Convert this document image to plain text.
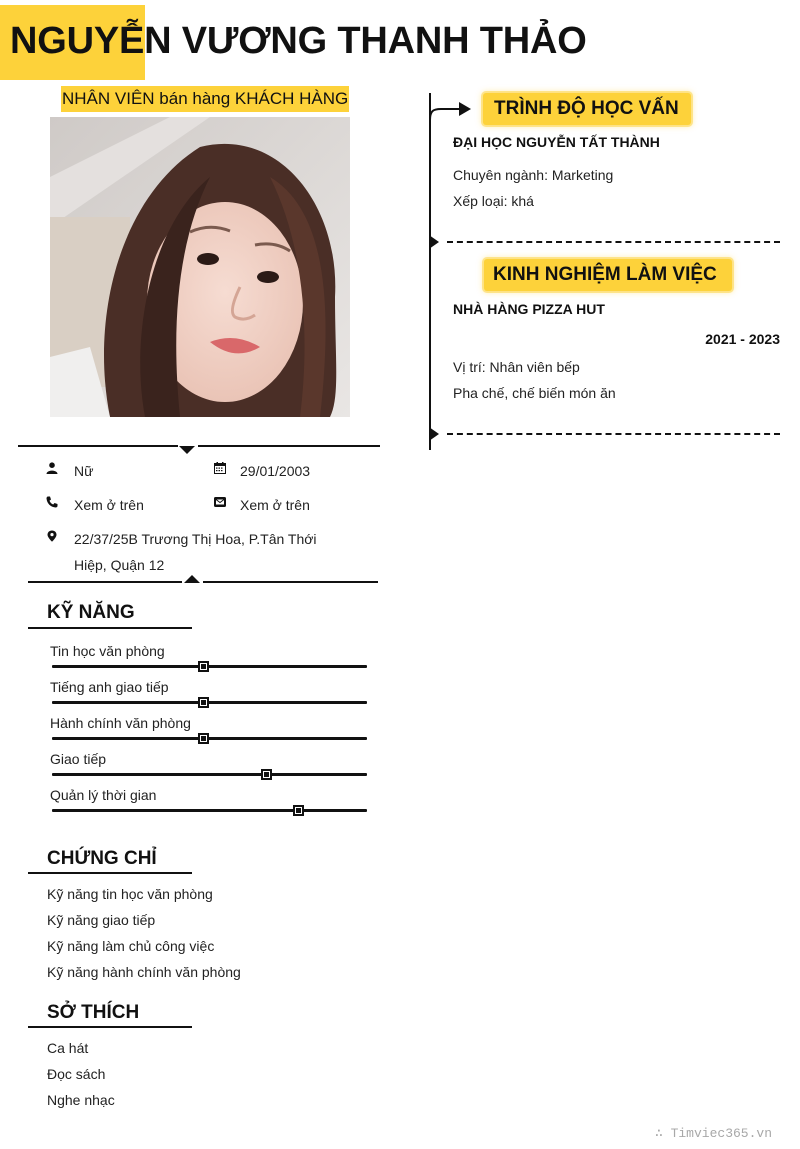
NGUYỄN VƯƠNG THANH THẢO
NHÂN VIÊN bán hàng KHÁCH HÀNG
Nữ	29/01/2003
Xem ở trên	Xem ở trên
22/37/25B Trương Thị Hoa, P.Tân Thới
Hiệp, Quận 12
KỸ NĂNG
Tin học văn phòng
Tiếng anh giao tiếp
Hành chính văn phòng
Giao tiếp
Quản lý thời gian
CHỨNG CHỈ
Kỹ năng tin học văn phòng
Kỹ năng giao tiếp
Kỹ năng làm chủ công việc
Kỹ năng hành chính văn phòng
SỞ THÍCH
Ca hát
Đọc sách
Nghe nhạc
TRÌNH ĐỘ HỌC VẤN
ĐẠI HỌC NGUYỄN TẤT THÀNH
Chuyên ngành: Marketing
Xếp loại: khá
KINH NGHIỆM LÀM VIỆC
NHÀ HÀNG PIZZA HUT
2021 - 2023
Vị trí: Nhân viên bếp
Pha chế, chế biến món ăn
∴ Timviec365.vn
